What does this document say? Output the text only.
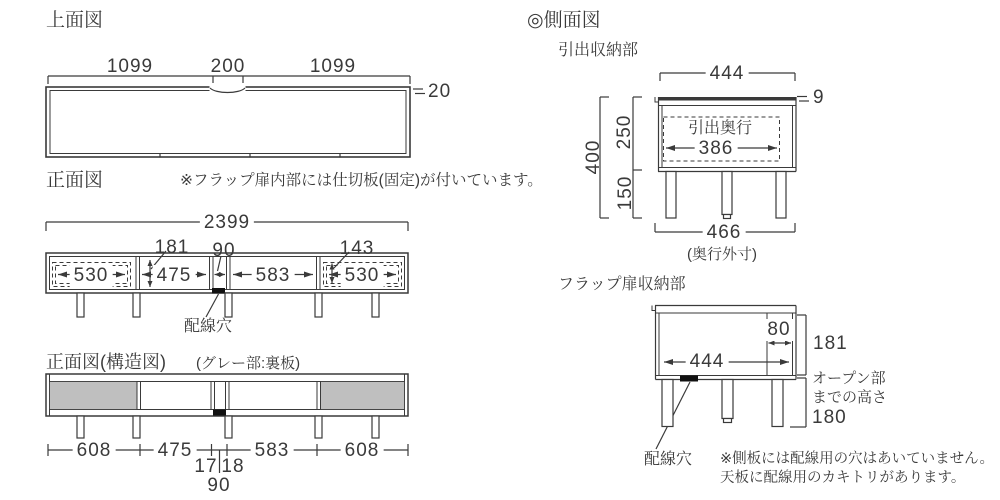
上面図
1099	200	1099
20
正面図	※フラップ扉内部には仕切板(固定)が付いています。
2399
181 90	143
530	475	583	530
配線穴
正面図(構造図) (グレー部:裏板)
608 475	583	608
17 18
90
◎側面図
引出収納部
444
9
引出奥行
386
400
250
150
466
(奥行外寸)
フラップ扉収納部
80
444
181
オープン部
までの高さ
180
配線穴 ※側板には配線用の穴はあいていません。
天板に配線用のカキトリがあります。
